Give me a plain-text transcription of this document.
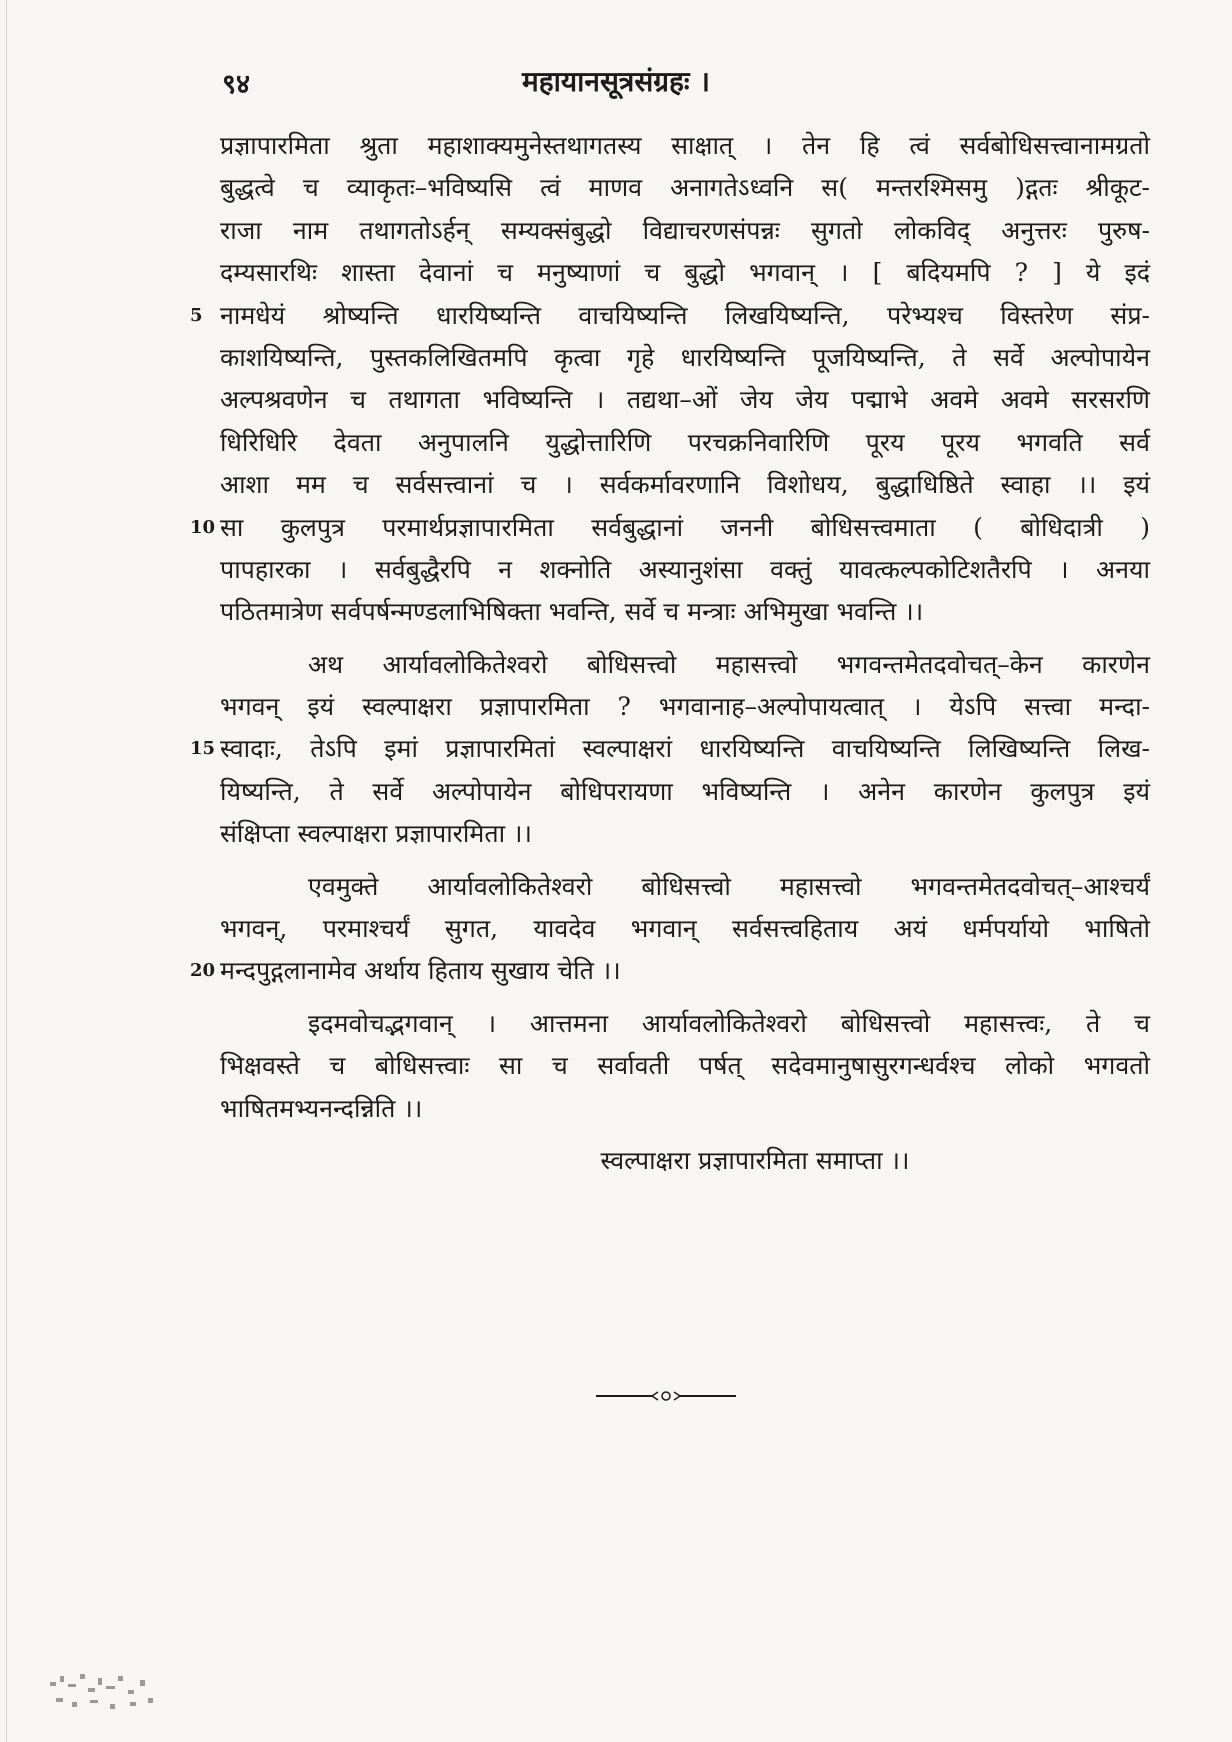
९४	महायानसूत्रसंग्रहः ।
प्रज्ञापारमिता श्रुता महाशाक्यमुनेस्तथागतस्य साक्षात् । तेन हि त्वं सर्वबोधिसत्त्वानामग्रतो
बुद्धत्वे च व्याकृतः–भविष्यसि त्वं माणव अनागतेऽध्वनि स( मन्तरश्मिसमु )द्गतः श्रीकूट-
राजा नाम तथागतोऽर्हन् सम्यक्संबुद्धो विद्याचरणसंपन्नः सुगतो लोकविद् अनुत्तरः पुरुष-
दम्यसारथिः शास्ता देवानां च मनुष्याणां च बुद्धो भगवान् । [ बदियमपि ? ] ये इदं
5 नामधेयं श्रोष्यन्ति धारयिष्यन्ति वाचयिष्यन्ति लिखयिष्यन्ति, परेभ्यश्च विस्तरेण संप्र-
काशयिष्यन्ति, पुस्तकलिखितमपि कृत्वा गृहे धारयिष्यन्ति पूजयिष्यन्ति, ते सर्वे अल्पोपायेन
अल्पश्रवणेन च तथागता भविष्यन्ति । तद्यथा–ओं जेय जेय पद्माभे अवमे अवमे सरसरणि
धिरिधिरि देवता अनुपालनि युद्धोत्तारिणि परचक्रनिवारिणि पूरय पूरय भगवति सर्व
आशा मम च सर्वसत्त्वानां च । सर्वकर्मावरणानि विशोधय, बुद्धाधिष्ठिते स्वाहा ।। इयं
10 सा कुलपुत्र परमार्थप्रज्ञापारमिता सर्वबुद्धानां जननी बोधिसत्त्वमाता ( बोधिदात्री )
पापहारका । सर्वबुद्धैरपि न शक्नोति अस्यानुशंसा वक्तुं यावत्कल्पकोटिशतैरपि । अनया
पठितमात्रेण सर्वपर्षन्मण्डलाभिषिक्ता भवन्ति, सर्वे च मन्त्राः अभिमुखा भवन्ति ।।
अथ आर्यावलोकितेश्वरो बोधिसत्त्वो महासत्त्वो भगवन्तमेतदवोचत्–केन कारणेन
भगवन् इयं स्वल्पाक्षरा प्रज्ञापारमिता ? भगवानाह–अल्पोपायत्वात् । येऽपि सत्त्वा मन्दा-
15 स्वादाः, तेऽपि इमां प्रज्ञापारमितां स्वल्पाक्षरां धारयिष्यन्ति वाचयिष्यन्ति लिखिष्यन्ति लिख-
यिष्यन्ति, ते सर्वे अल्पोपायेन बोधिपरायणा भविष्यन्ति । अनेन कारणेन कुलपुत्र इयं
संक्षिप्ता स्वल्पाक्षरा प्रज्ञापारमिता ।।
एवमुक्ते आर्यावलोकितेश्वरो बोधिसत्त्वो महासत्त्वो भगवन्तमेतदवोचत्–आश्चर्यं
भगवन्, परमाश्चर्यं सुगत, यावदेव भगवान् सर्वसत्त्वहिताय अयं धर्मपर्यायो भाषितो
20 मन्दपुद्गलानामेव अर्थाय हिताय सुखाय चेति ।।
इदमवोचद्भगवान् । आत्तमना आर्यावलोकितेश्वरो बोधिसत्त्वो महासत्त्वः, ते च
भिक्षवस्ते च बोधिसत्त्वाः सा च सर्वावती पर्षत् सदेवमानुषासुरगन्धर्वश्च लोको भगवतो
भाषितमभ्यनन्दन्निति ।।
स्वल्पाक्षरा प्रज्ञापारमिता समाप्ता ।।
